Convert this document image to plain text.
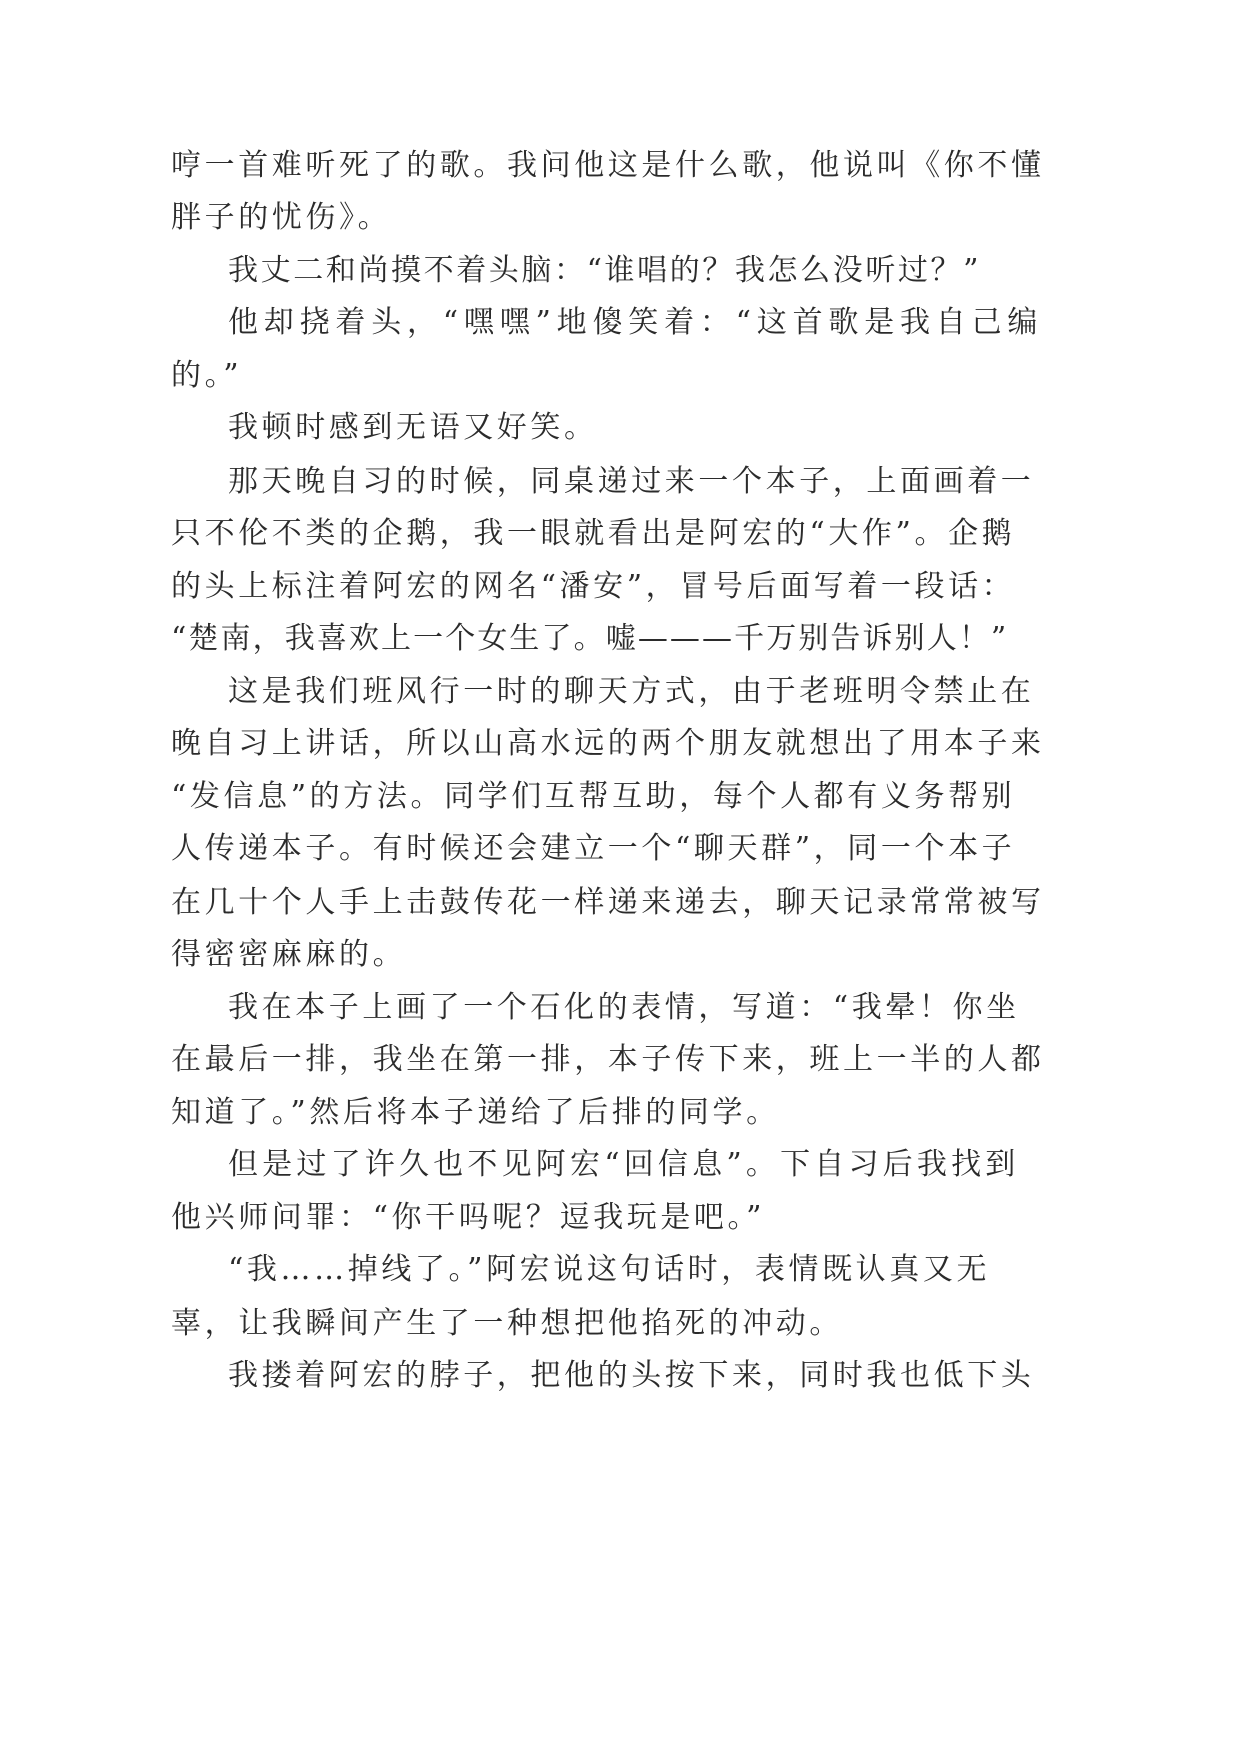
哼一首难听死了的歌。我问他这是什么歌，他说叫《你不懂
胖子的忧伤》。
我丈二和尚摸不着头脑：“谁唱的？我怎么没听过？”
他却挠着头，“嘿嘿”地傻笑着：“这首歌是我自己编
的。”
我顿时感到无语又好笑。
那天晚自习的时候，同桌递过来一个本子，上面画着一
只不伦不类的企鹅，我一眼就看出是阿宏的“大作”。企鹅
的头上标注着阿宏的网名“潘安”，冒号后面写着一段话：
“楚南，我喜欢上一个女生了。嘘———千万别告诉别人！”
这是我们班风行一时的聊天方式，由于老班明令禁止在
晚自习上讲话，所以山高水远的两个朋友就想出了用本子来
“发信息”的方法。同学们互帮互助，每个人都有义务帮别
人传递本子。有时候还会建立一个“聊天群”，同一个本子
在几十个人手上击鼓传花一样递来递去，聊天记录常常被写
得密密麻麻的。
我在本子上画了一个石化的表情，写道：“我晕！你坐
在最后一排，我坐在第一排，本子传下来，班上一半的人都
知道了。”然后将本子递给了后排的同学。
但是过了许久也不见阿宏“回信息”。下自习后我找到
他兴师问罪：“你干吗呢？逗我玩是吧。”
“我……掉线了。”阿宏说这句话时，表情既认真又无
辜，让我瞬间产生了一种想把他掐死的冲动。
我搂着阿宏的脖子，把他的头按下来，同时我也低下头
